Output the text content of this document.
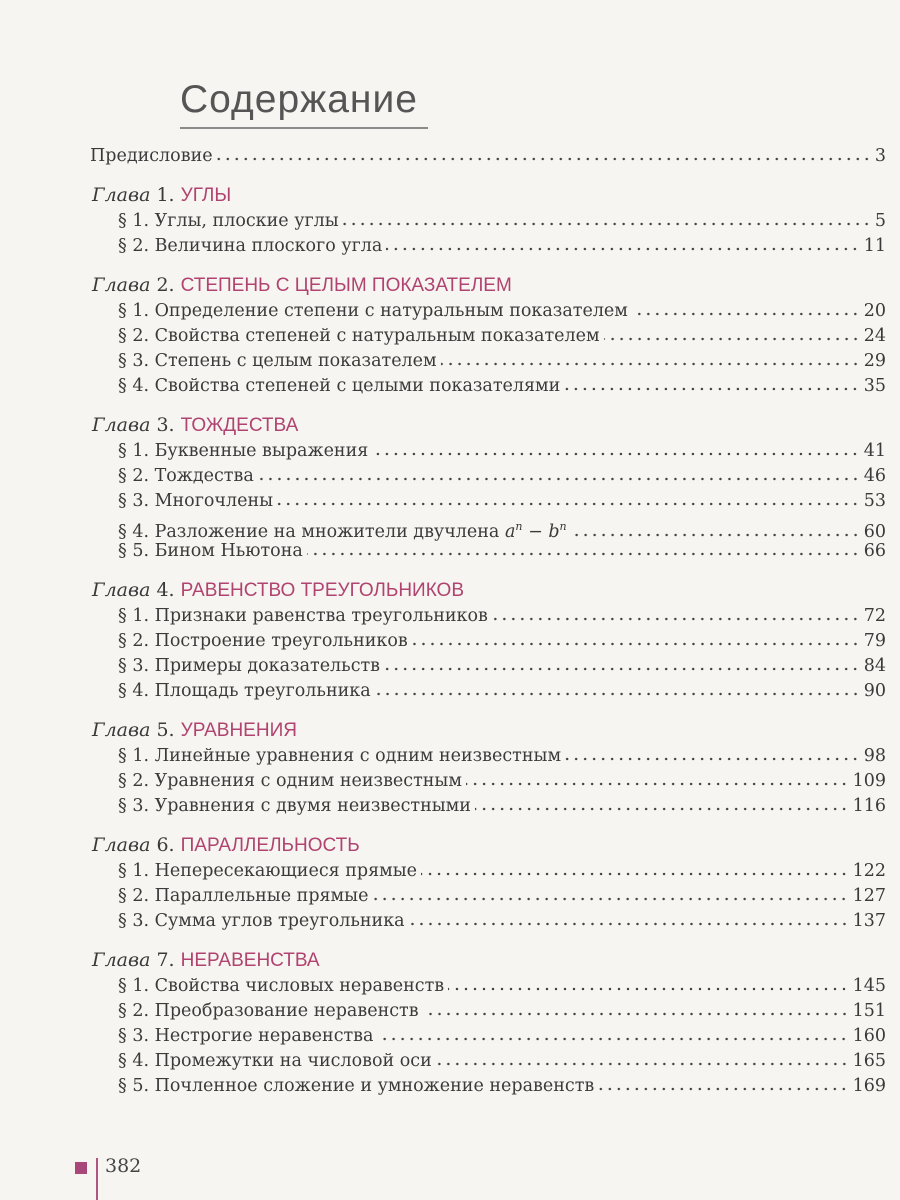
Содержание
Предисловие	3
Глава 1. УГЛЫ
§ 1. Углы, плоские углы	5
§ 2. Величина плоского угла	11
Глава 2. СТЕПЕНЬ С ЦЕЛЫМ ПОКАЗАТЕЛЕМ
§ 1. Определение степени с натуральным показателем	20
§ 2. Свойства степеней с натуральным показателем	24
§ 3. Степень с целым показателем	29
§ 4. Свойства степеней с целыми показателями	35
Глава 3. ТОЖДЕСТВА
§ 1. Буквенные выражения	41
§ 2. Тождества	46
§ 3. Многочлены	53
§ 4. Разложение на множители двучлена $a^n - b^n$	60
§ 5. Бином Ньютона	66
Глава 4. РАВЕНСТВО ТРЕУГОЛЬНИКОВ
§ 1. Признаки равенства треугольников	72
§ 2. Построение треугольников	79
§ 3. Примеры доказательств	84
§ 4. Площадь треугольника	90
Глава 5. УРАВНЕНИЯ
§ 1. Линейные уравнения с одним неизвестным	98
§ 2. Уравнения с одним неизвестным	109
§ 3. Уравнения с двумя неизвестными	116
Глава 6. ПАРАЛЛЕЛЬНОСТЬ
§ 1. Непересекающиеся прямые	122
§ 2. Параллельные прямые	127
§ 3. Сумма углов треугольника	137
Глава 7. НЕРАВЕНСТВА
§ 1. Свойства числовых неравенств	145
§ 2. Преобразование неравенств	151
§ 3. Нестрогие неравенства	160
§ 4. Промежутки на числовой оси	165
§ 5. Почленное сложение и умножение неравенств	169
382
